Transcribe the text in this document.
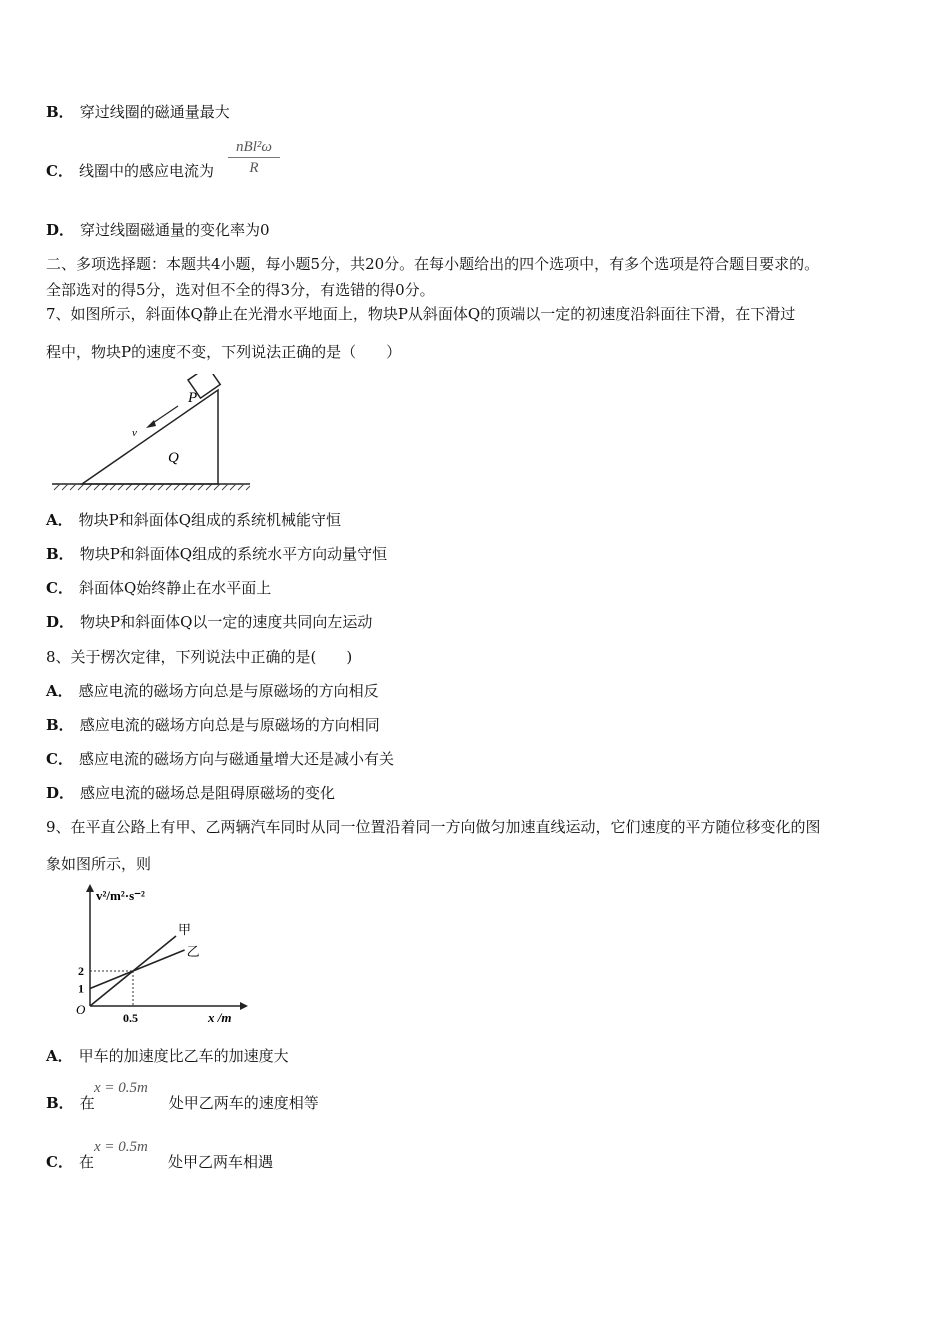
B． 穿过线圈的磁通量最大
C． 线圈中的感应电流为
nBl²ω
R
D． 穿过线圈磁通量的变化率为0
二、多项选择题：本题共4小题，每小题5分，共20分。在每小题给出的四个选项中，有多个选项是符合题目要求的。
全部选对的得5分，选对但不全的得3分，有选错的得0分。
7、如图所示，斜面体Q静止在光滑水平地面上，物块P从斜面体Q的顶端以一定的初速度沿斜面往下滑，在下滑过
程中，物块P的速度不变，下列说法正确的是（　　）
P
v
Q
A． 物块P和斜面体Q组成的系统机械能守恒
B． 物块P和斜面体Q组成的系统水平方向动量守恒
C． 斜面体Q始终静止在水平面上
D． 物块P和斜面体Q以一定的速度共同向左运动
8、关于楞次定律，下列说法中正确的是(　　)
A． 感应电流的磁场方向总是与原磁场的方向相反
B． 感应电流的磁场方向总是与原磁场的方向相同
C． 感应电流的磁场方向与磁通量增大还是减小有关
D． 感应电流的磁场总是阻碍原磁场的变化
9、在平直公路上有甲、乙两辆汽车同时从同一位置沿着同一方向做匀加速直线运动，它们速度的平方随位移变化的图
象如图所示，则
v²/m²·s⁻²
x /m
O
0.5
1
2
甲
乙
A． 甲车的加速度比乙车的加速度大
B． 在	处甲乙两车的速度相等
x = 0.5m
C． 在	处甲乙两车相遇
x = 0.5m
